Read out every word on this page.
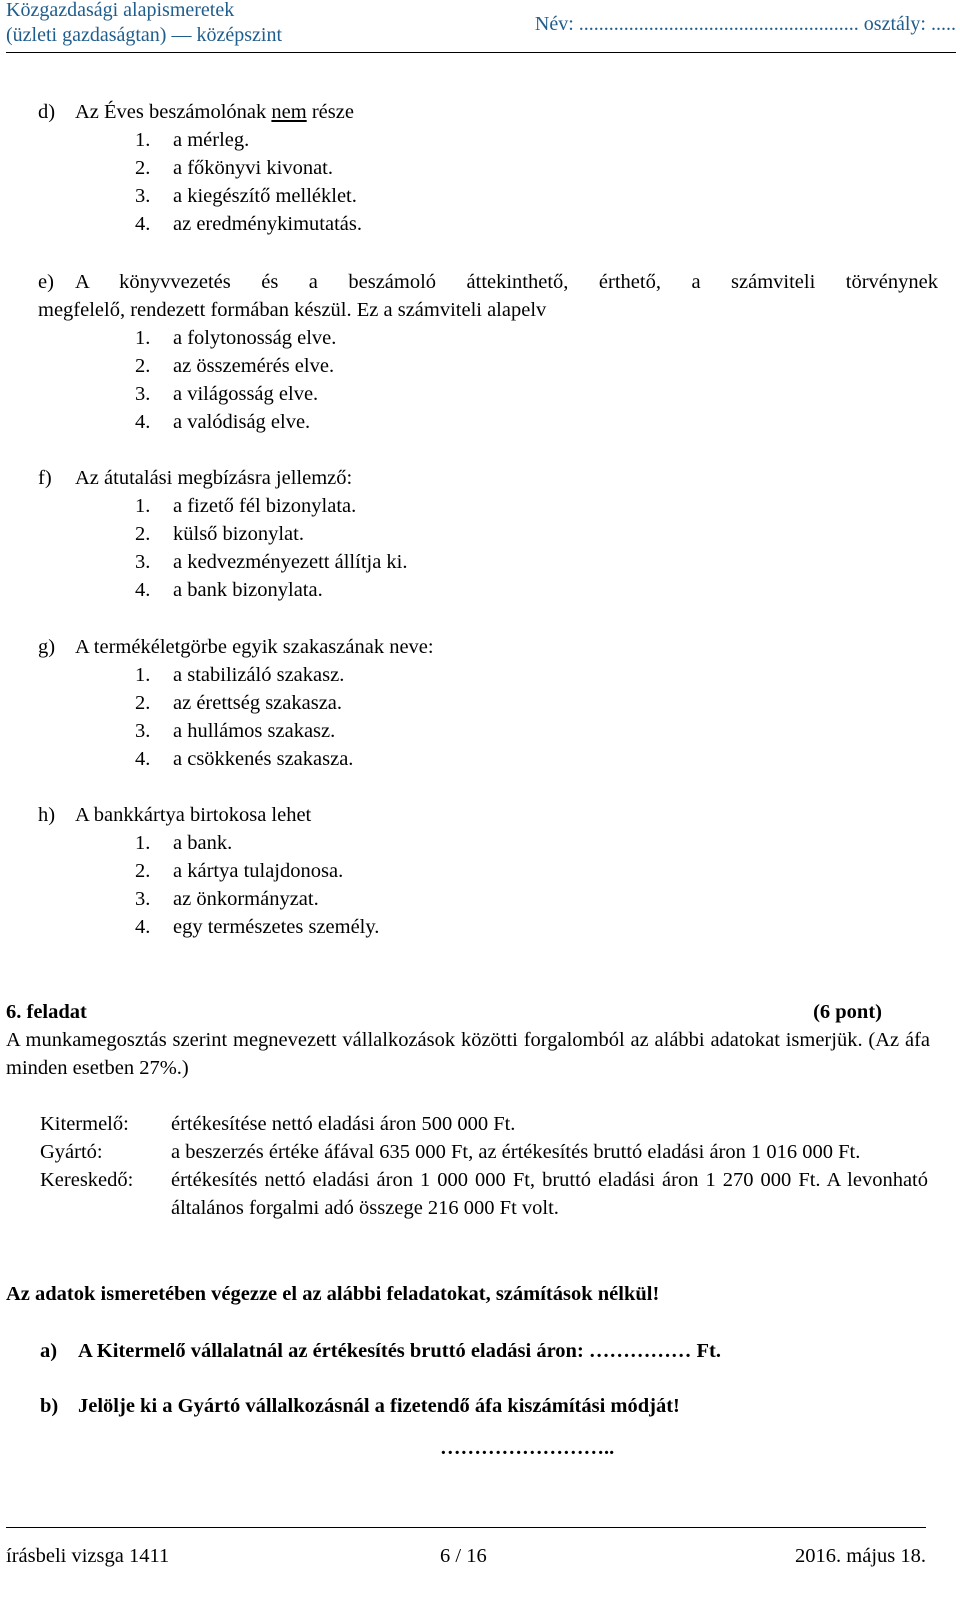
Közgazdasági alapismeretek
(üzleti gazdaságtan) — középszint	Név: ........................................................ osztály: .....
d) Az Éves beszámolónak nem része
1.	a mérleg.
2.	a főkönyvi kivonat.
3.	a kiegészítő melléklet.
4.	az eredménykimutatás.
e)	A könyvvezetés és a beszámoló áttekinthető, érthető, a számviteli törvénynek
megfelelő, rendezett formában készül. Ez a számviteli alapelv
1.	a folytonosság elve.
2.	az összemérés elve.
3.	a világosság elve.
4.	a valódiság elve.
f)	Az átutalási megbízásra jellemző:
1.	a fizető fél bizonylata.
2.	külső bizonylat.
3.	a kedvezményezett állítja ki.
4.	a bank bizonylata.
g) A termékéletgörbe egyik szakaszának neve:
1.	a stabilizáló szakasz.
2.	az érettség szakasza.
3.	a hullámos szakasz.
4.	a csökkenés szakasza.
h) A bankkártya birtokosa lehet
1.	a bank.
2.	a kártya tulajdonosa.
3.	az önkormányzat.
4.	egy természetes személy.
6. feladat	(6 pont)
A munkamegosztás szerint megnevezett vállalkozások közötti forgalomból az alábbi adatokat ismerjük. (Az áfa minden esetben 27%.)
Kitermelő:	értékesítése nettó eladási áron 500 000 Ft.
Gyártó:	a beszerzés értéke áfával 635 000 Ft, az értékesítés bruttó eladási áron 1 016 000 Ft.
Kereskedő:	értékesítés nettó eladási áron 1 000 000 Ft, bruttó eladási áron 1 270 000 Ft. A levonható általános forgalmi adó összege 216 000 Ft volt.
Az adatok ismeretében végezze el az alábbi feladatokat, számítások nélkül!
a)	A Kitermelő vállalatnál az értékesítés bruttó eladási áron: …………… Ft.
b) Jelölje ki a Gyártó vállalkozásnál a fizetendő áfa kiszámítási módját!
……………………..
írásbeli vizsga 1411	6 / 16	2016. május 18.
